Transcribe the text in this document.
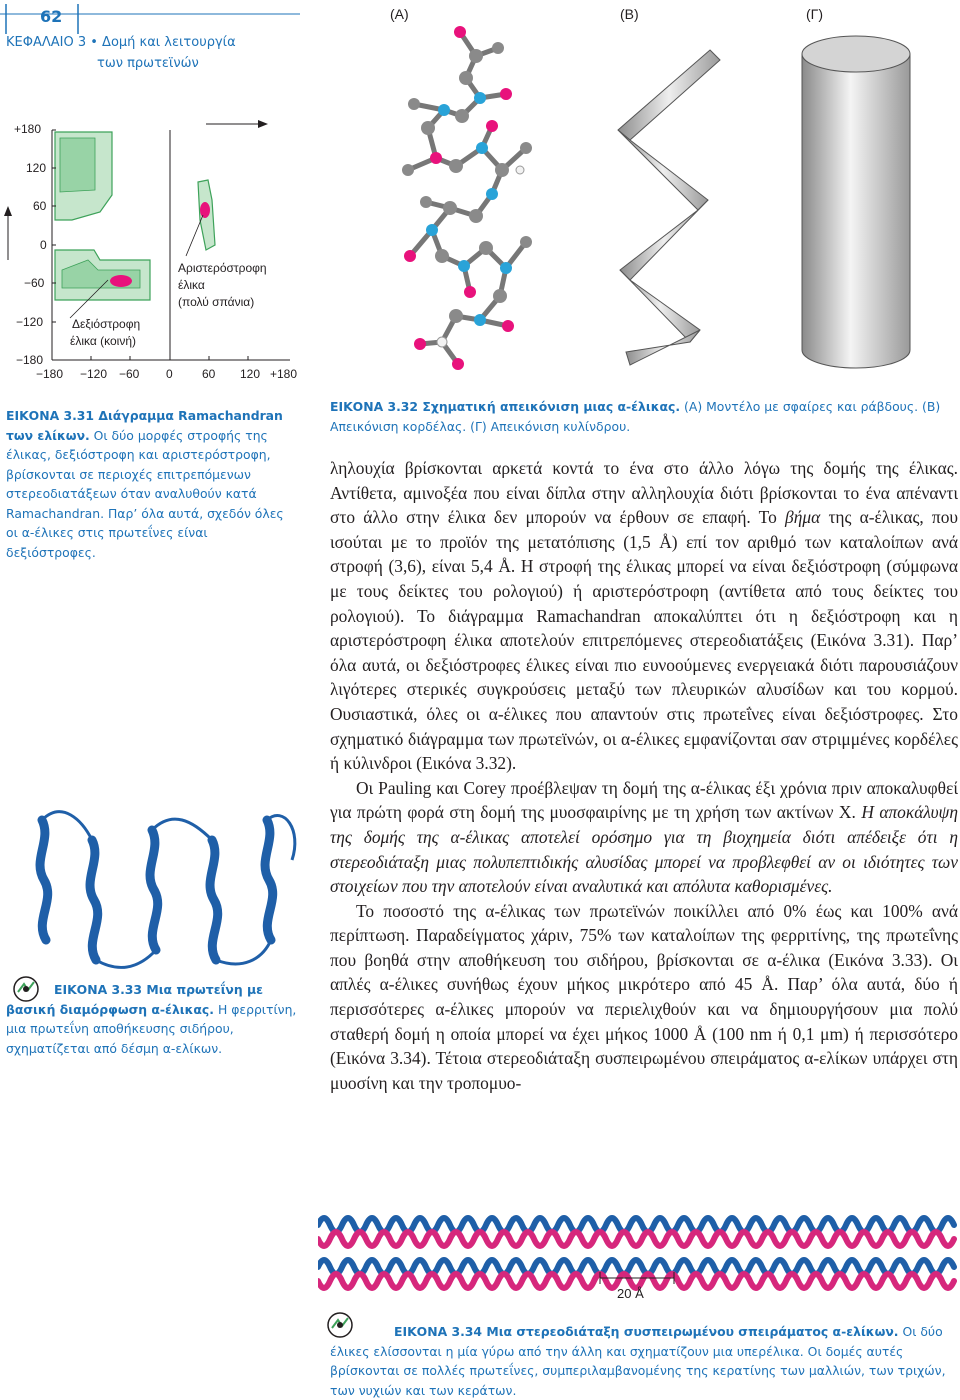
62
ΚΕΦΑΛΑΙΟ 3 • Δομή και λειτουργία
των πρωτεϊνών
+180
120
60
0
−60
−120
−180
−180 −120 −60 0 60 120 +180
Δεξιόστροφη
έλικα (κοινή)
Αριστερόστροφη
έλικα
(πολύ σπάνια)
ΕΙΚΟΝΑ 3.31 Διάγραμμα Ramachandran των ελίκων. Οι δύο μορφές στροφής της έλικας, δεξιόστροφη και αριστερόστροφη, βρίσκονται σε περιοχές επιτρεπόμενων στερεοδιατάξεων όταν αναλυθούν κατά Ramachandran. Παρ’ όλα αυτά, σχεδόν όλες οι α-έλικες στις πρωτεΐνες είναι δεξιόστροφες.
(A)	(B)	(Γ)
ΕΙΚΟΝΑ 3.32 Σχηματική απεικόνιση μιας α-έλικας. (A) Μοντέλο με σφαίρες και ράβδους. (B) Απεικόνιση κορδέλας. (Γ) Απεικόνιση κυλίνδρου.

ληλουχία βρίσκονται αρκετά κοντά το ένα στο άλλο λόγω της δομής της έλικας. Αντίθετα, αμινοξέα που είναι δίπλα στην αλληλουχία διότι βρίσκονται το ένα απέναντι στο άλλο στην έλικα δεν μπορούν να έρθουν σε επαφή. Το βήμα της α-έλικας, που ισούται με το προϊόν της μετατόπισης (1,5 Å) επί τον αριθμό των καταλοίπων ανά στροφή (3,6), είναι 5,4 Å. Η στροφή της έλικας μπορεί να είναι δεξιόστροφη (σύμφωνα με τους δείκτες του ρολογιού) ή αριστερόστροφη (αντίθετα από τους δείκτες του ρολογιού). Το διάγραμμα Ramachandran αποκαλύπτει ότι η δεξιόστροφη και η αριστερόστροφη έλικα αποτελούν επιτρεπόμενες στερεοδιατάξεις (Εικόνα 3.31). Παρ’ όλα αυτά, οι δεξιόστροφες έλικες είναι πιο ευνοούμενες ενεργειακά διότι παρουσιάζουν λιγότερες στερικές συγκρούσεις μεταξύ των πλευρικών αλυσίδων και του κορμού. Ουσιαστικά, όλες οι α-έλικες που απαντούν στις πρωτεΐνες είναι δεξιόστροφες. Στο σχηματικό διάγραμμα των πρωτεϊνών, οι α-έλικες εμφανίζονται σαν στριμμένες κορδέλες ή κύλινδροι (Εικόνα 3.32).

Οι Pauling και Corey προέβλεψαν τη δομή της α-έλικας έξι χρόνια πριν αποκαλυφθεί για πρώτη φορά στη δομή της μυοσφαιρίνης με τη χρήση των ακτίνων X. Η αποκάλυψη της δομής της α-έλικας αποτελεί ορόσημο για τη βιοχημεία διότι απέδειξε ότι η στερεοδιάταξη μιας πολυπεπτιδικής αλυσίδας μπορεί να προβλεφθεί αν οι ιδιότητες των στοιχείων που την αποτελούν είναι αναλυτικά και απόλυτα καθορισμένες.

Το ποσοστό της α-έλικας των πρωτεϊνών ποικίλλει από 0% έως και 100% ανά περίπτωση. Παραδείγματος χάριν, 75% των καταλοίπων της φερριτίνης, της πρωτεΐνης που βοηθά στην αποθήκευση του σιδήρου, βρίσκονται σε α-έλικα (Εικόνα 3.33). Οι απλές α-έλικες συνήθως έχουν μήκος μικρότερο από 45 Å. Παρ’ όλα αυτά, δύο ή περισσότερες α-έλικες μπορούν να περιελιχθούν και να δημιουργήσουν μια πολύ σταθερή δομή η οποία μπορεί να έχει μήκος 1000 Å (100 nm ή 0,1 μm) ή περισσότερο (Εικόνα 3.34). Τέτοια στερεοδιάταξη συσπειρωμένου σπειράματος α-ελίκων υπάρχει στη μυοσίνη και την τροπομυο-

ΕΙΚΟΝΑ 3.33 Μια πρωτεΐνη με βασική διαμόρφωση α-έλικας. Η φερριτίνη, μια πρωτεΐνη αποθήκευσης σιδήρου, σχηματίζεται από δέσμη α-ελίκων.
20 Å
ΕΙΚΟΝΑ 3.34 Μια στερεοδιάταξη συσπειρωμένου σπειράματος α-ελίκων. Οι δύο έλικες ελίσσονται η μία γύρω από την άλλη και σχηματίζουν μια υπερέλικα. Οι δομές αυτές βρίσκονται σε πολλές πρωτεΐνες, συμπεριλαμβανομένης της κερατίνης των μαλλιών, των τριχών, των νυχιών και των κεράτων.
